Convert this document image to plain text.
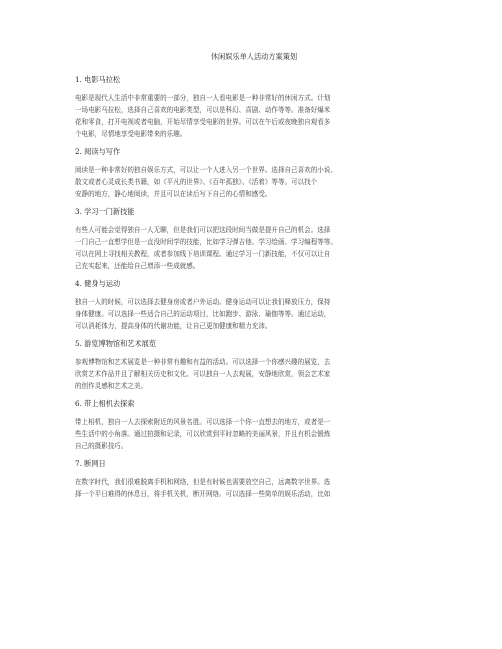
休闲娱乐单人活动方案策划
1. 电影马拉松
电影是现代人生活中非常重要的一部分，独自一人看电影是一种非常好的休闲方式。计划
一场电影马拉松，选择自己喜欢的电影类型，可以是科幻、喜剧、动作等等。准备好爆米
花和零食，打开电视或者电脑，开始尽情享受电影的世界。可以在午后或夜晚独自观看多
个电影，尽情地享受电影带来的乐趣。
2. 阅读与写作
阅读是一种非常好的独自娱乐方式，可以让一个人进入另一个世界。选择自己喜欢的小说、
散文或者心灵成长类书籍，如《平凡的世界》、《百年孤独》、《活着》等等。可以找个
安静的地方，静心地阅读，并且可以在读后写下自己的心情和感受。
3. 学习一门新技能
有些人可能会觉得独自一人无聊，但是我们可以把这段时间当做是提升自己的机会。选择
一门自己一直想学但是一直没时间学的技能，比如学习弹吉他、学习绘画、学习编程等等。
可以在网上寻找相关教程，或者参加线下培训课程。通过学习一门新技能，不仅可以让自
己充实起来，还能给自己增添一些成就感。
4. 健身与运动
独自一人的时候，可以选择去健身房或者户外运动。健身运动可以让我们释放压力，保持
身体健康。可以选择一些适合自己的运动项目，比如跑步、游泳、瑜伽等等。通过运动，
可以消耗体力，提高身体的代谢功能，让自己更加健康和精力充沛。
5. 游览博物馆和艺术展览
参观博物馆和艺术展览是一种非常有趣和有益的活动。可以选择一个你感兴趣的展览，去
欣赏艺术作品并且了解相关历史和文化。可以独自一人去观展，安静地欣赏，领会艺术家
的创作灵感和艺术之美。
6. 带上相机去探索
带上相机，独自一人去探索附近的风景名胜。可以选择一个你一直想去的地方，或者是一
些生活中的小角落。通过拍摄和记录，可以欣赏到平时忽略的美丽风景，并且有机会锻炼
自己的摄影技巧。
7. 断网日
在数字时代，我们很难脱离手机和网络，但是有时候也需要放空自己，远离数字世界。选
择一个平日难得的休息日，将手机关机，断开网络。可以选择一些简单的娱乐活动，比如
